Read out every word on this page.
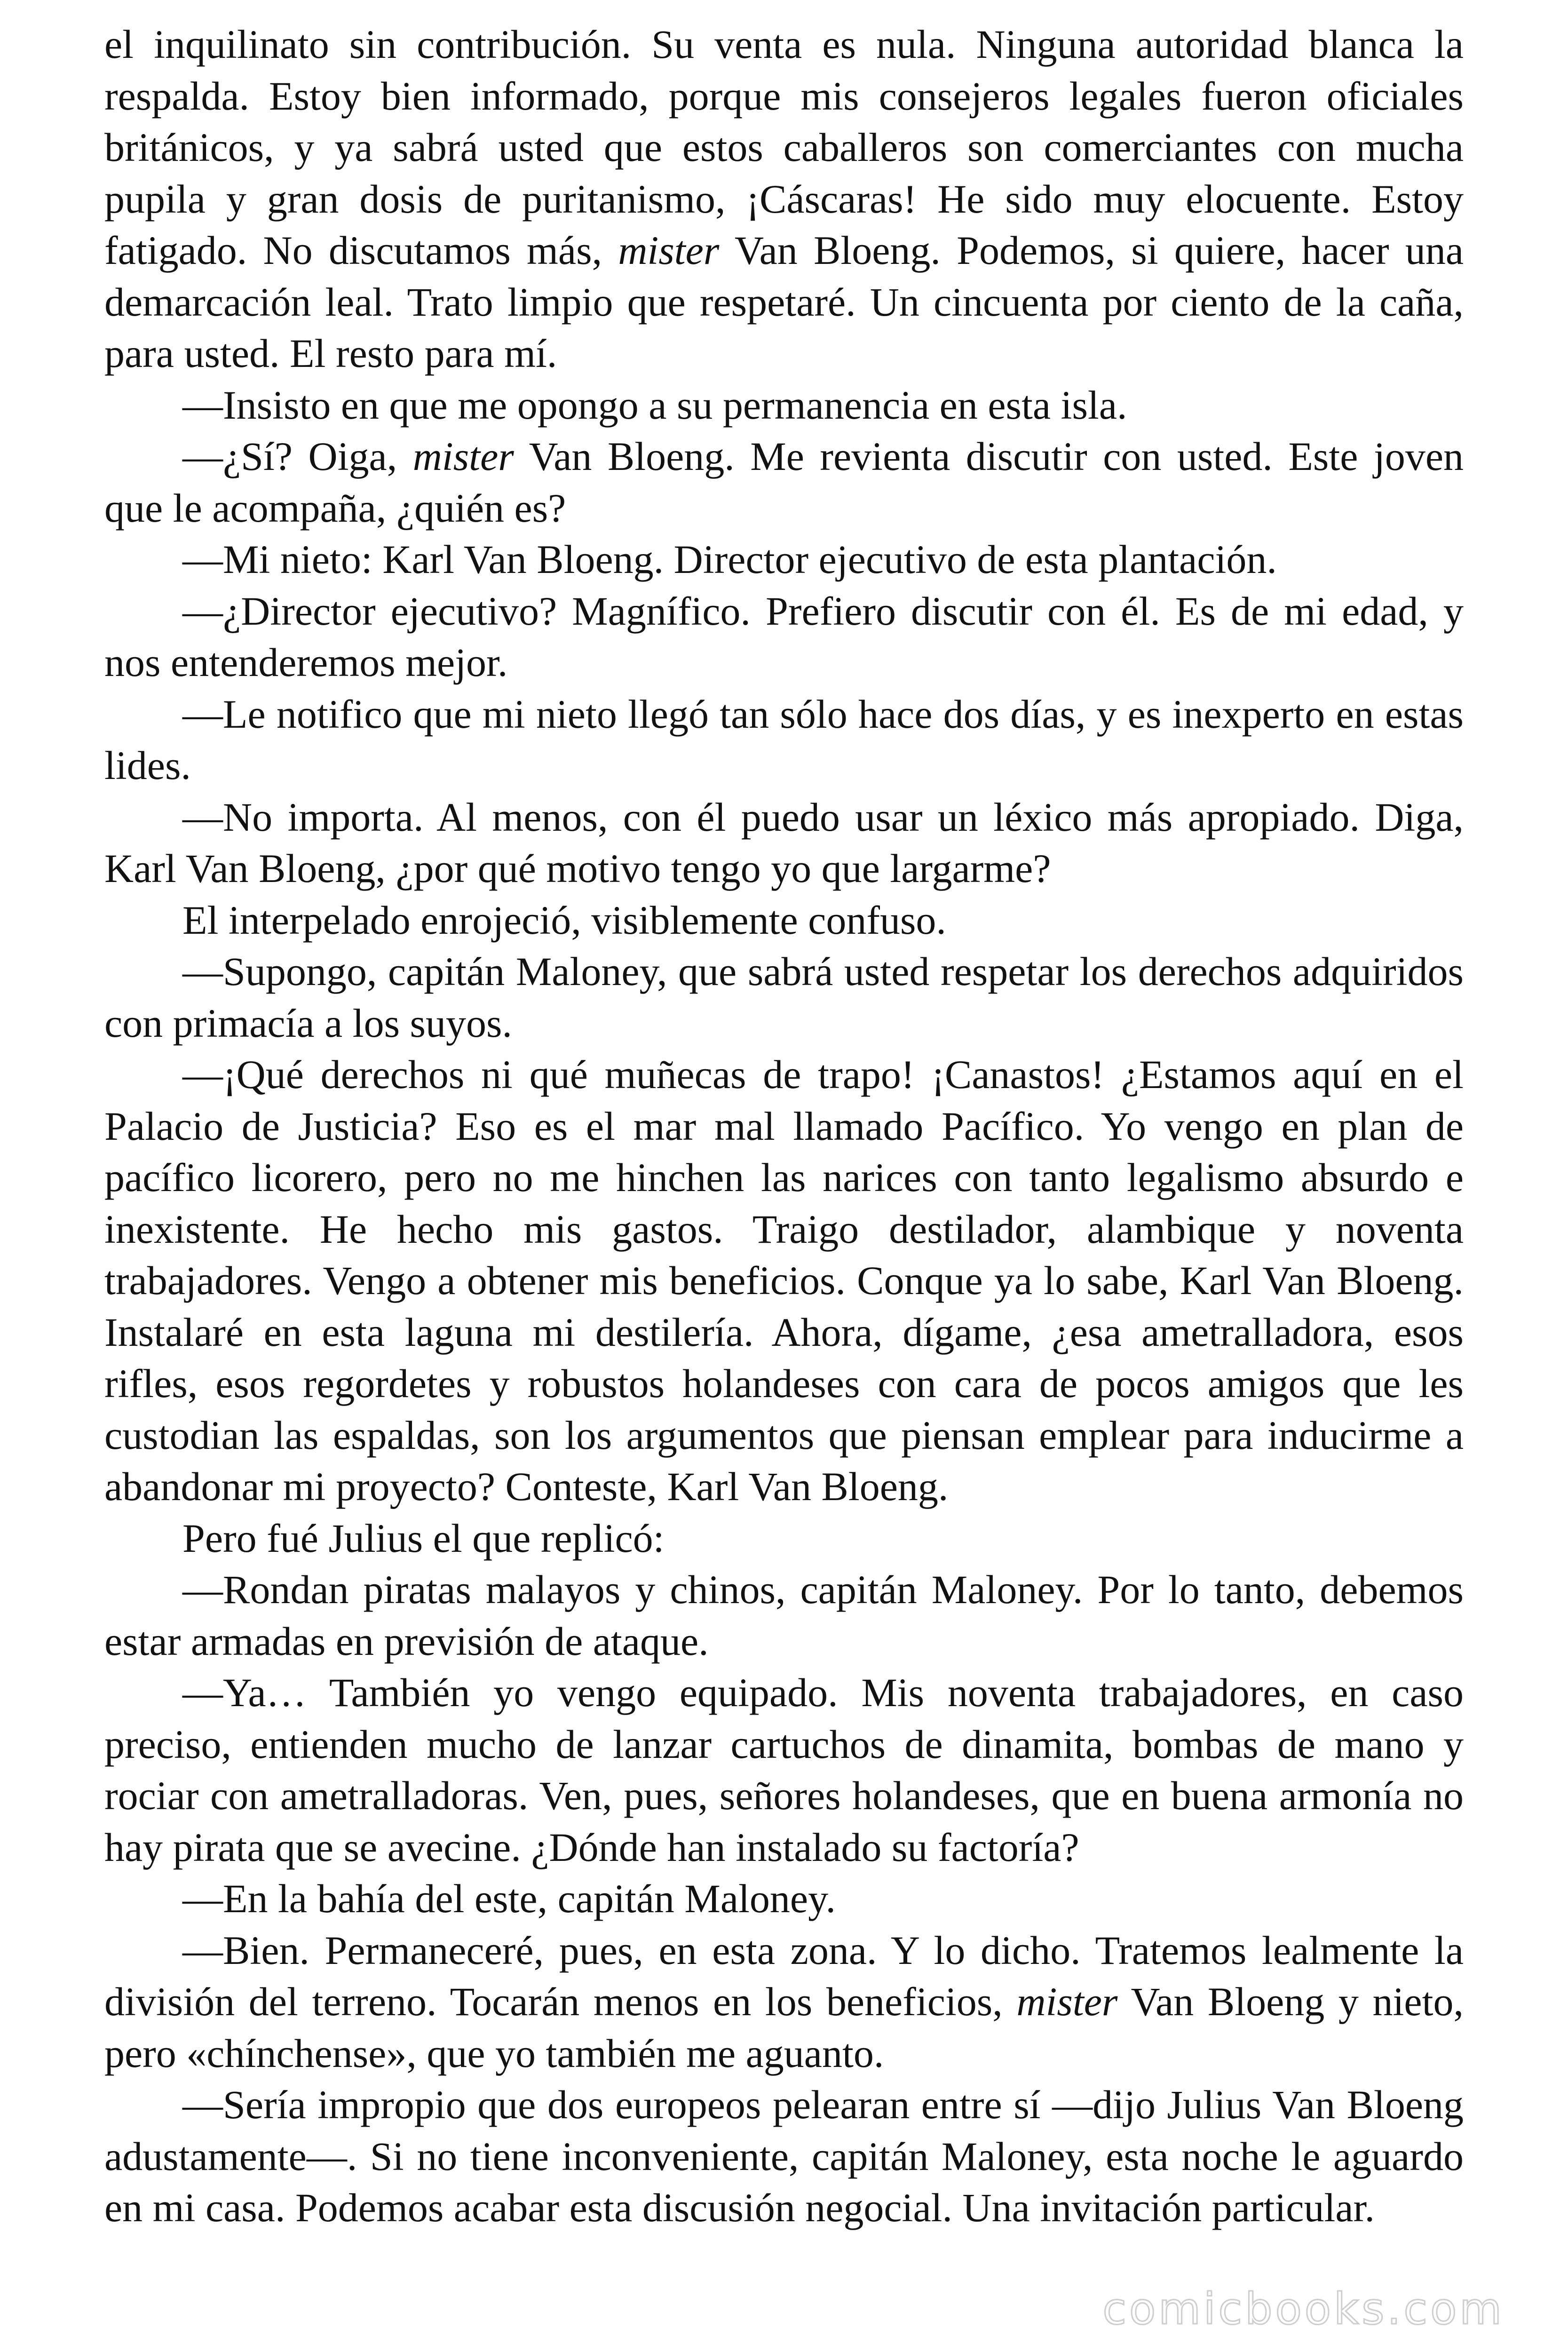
el inquilinato sin contribución. Su venta es nula. Ninguna autoridad blanca la respalda. Estoy bien informado, porque mis consejeros legales fueron oficiales británicos, y ya sabrá usted que estos caballeros son comerciantes con mucha pupila y gran dosis de puritanismo, ¡Cáscaras! He sido muy elocuente. Estoy fatigado. No discutamos más, mister Van Bloeng. Podemos, si quiere, hacer una demarcación leal. Trato limpio que respetaré. Un cincuenta por ciento de la caña, para usted. El resto para mí.

—Insisto en que me opongo a su permanencia en esta isla.

—¿Sí? Oiga, mister Van Bloeng. Me revienta discutir con usted. Este joven que le acompaña, ¿quién es?

—Mi nieto: Karl Van Bloeng. Director ejecutivo de esta plantación.

—¿Director ejecutivo? Magnífico. Prefiero discutir con él. Es de mi edad, y nos entenderemos mejor.

—Le notifico que mi nieto llegó tan sólo hace dos días, y es inexperto en estas lides.

—No importa. Al menos, con él puedo usar un léxico más apropiado. Diga, Karl Van Bloeng, ¿por qué motivo tengo yo que largarme?

El interpelado enrojeció, visiblemente confuso.

—Supongo, capitán Maloney, que sabrá usted respetar los derechos adquiridos con primacía a los suyos.

—¡Qué derechos ni qué muñecas de trapo! ¡Canastos! ¿Estamos aquí en el Palacio de Justicia? Eso es el mar mal llamado Pacífico. Yo vengo en plan de pacífico licorero, pero no me hinchen las narices con tanto legalismo absurdo e inexistente. He hecho mis gastos. Traigo destilador, alambique y noventa trabajadores. Vengo a obtener mis beneficios. Conque ya lo sabe, Karl Van Bloeng. Instalaré en esta laguna mi destilería. Ahora, dígame, ¿esa ametralladora, esos rifles, esos regordetes y robustos holandeses con cara de pocos amigos que les custodian las espaldas, son los argumentos que piensan emplear para inducirme a abandonar mi proyecto? Conteste, Karl Van Bloeng.

Pero fué Julius el que replicó:

—Rondan piratas malayos y chinos, capitán Maloney. Por lo tanto, debemos estar armadas en previsión de ataque.

—Ya… También yo vengo equipado. Mis noventa trabajadores, en caso preciso, entienden mucho de lanzar cartuchos de dinamita, bombas de mano y rociar con ametralladoras. Ven, pues, señores holandeses, que en buena armonía no hay pirata que se avecine. ¿Dónde han instalado su factoría?

—En la bahía del este, capitán Maloney.

—Bien. Permaneceré, pues, en esta zona. Y lo dicho. Tratemos lealmente la división del terreno. Tocarán menos en los beneficios, mister Van Bloeng y nieto, pero «chínchense», que yo también me aguanto.

—Sería impropio que dos europeos pelearan entre sí —dijo Julius Van Bloeng adustamente—. Si no tiene inconveniente, capitán Maloney, esta noche le aguardo en mi casa. Podemos acabar esta discusión negocial. Una invitación particular.

comicbooks.com
